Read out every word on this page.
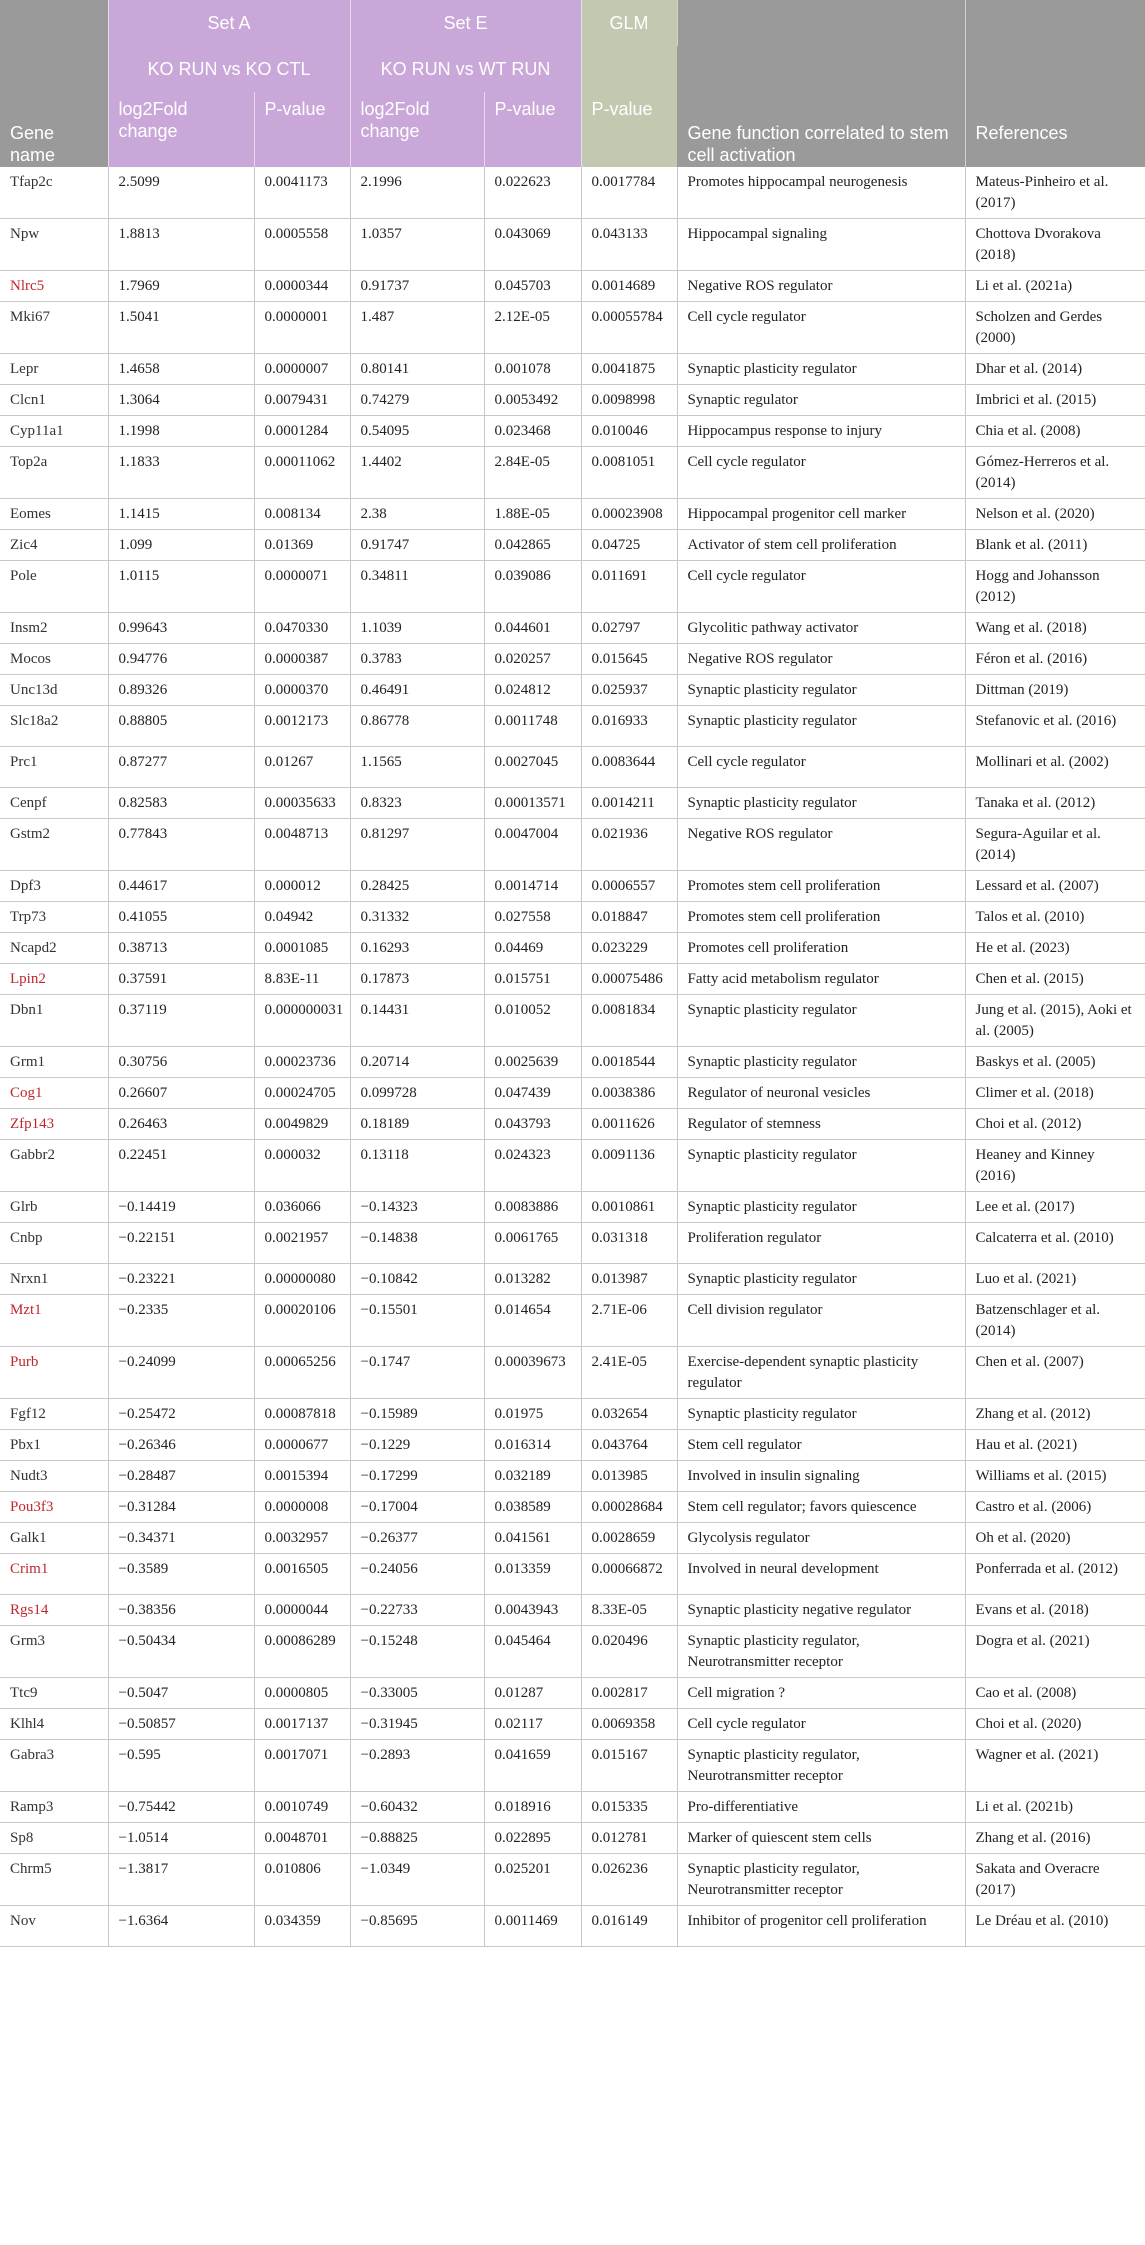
Gene name	Set A		Set E		GLM	Gene function correlated to stem cell activation	References
	KO RUN vs KO CTL		KO RUN vs WT RUN				
	log2Fold change	P-value	log2Fold change	P-value	P-value		
Tfap2c	2.5099	0.0041173	2.1996	0.022623	0.0017784	Promotes hippocampal neurogenesis	Mateus-Pinheiro et al. (2017)
Npw	1.8813	0.0005558	1.0357	0.043069	0.043133	Hippocampal signaling	Chottova Dvorakova (2018)
Nlrc5	1.7969	0.0000344	0.91737	0.045703	0.0014689	Negative ROS regulator	Li et al. (2021a)
Mki67	1.5041	0.0000001	1.487	2.12E-05	0.00055784	Cell cycle regulator	Scholzen and Gerdes (2000)
Lepr	1.4658	0.0000007	0.80141	0.001078	0.0041875	Synaptic plasticity regulator	Dhar et al. (2014)
Clcn1	1.3064	0.0079431	0.74279	0.0053492	0.0098998	Synaptic regulator	Imbrici et al. (2015)
Cyp11a1	1.1998	0.0001284	0.54095	0.023468	0.010046	Hippocampus response to injury	Chia et al. (2008)
Top2a	1.1833	0.00011062	1.4402	2.84E-05	0.0081051	Cell cycle regulator	Gómez-Herreros et al. (2014)
Eomes	1.1415	0.008134	2.38	1.88E-05	0.00023908	Hippocampal progenitor cell marker	Nelson et al. (2020)
Zic4	1.099	0.01369	0.91747	0.042865	0.04725	Activator of stem cell proliferation	Blank et al. (2011)
Pole	1.0115	0.0000071	0.34811	0.039086	0.011691	Cell cycle regulator	Hogg and Johansson (2012)
Insm2	0.99643	0.0470330	1.1039	0.044601	0.02797	Glycolitic pathway activator	Wang et al. (2018)
Mocos	0.94776	0.0000387	0.3783	0.020257	0.015645	Negative ROS regulator	Féron et al. (2016)
Unc13d	0.89326	0.0000370	0.46491	0.024812	0.025937	Synaptic plasticity regulator	Dittman (2019)
Slc18a2	0.88805	0.0012173	0.86778	0.0011748	0.016933	Synaptic plasticity regulator	Stefanovic et al. (2016)
Prc1	0.87277	0.01267	1.1565	0.0027045	0.0083644	Cell cycle regulator	Mollinari et al. (2002)
Cenpf	0.82583	0.00035633	0.8323	0.00013571	0.0014211	Synaptic plasticity regulator	Tanaka et al. (2012)
Gstm2	0.77843	0.0048713	0.81297	0.0047004	0.021936	Negative ROS regulator	Segura-Aguilar et al. (2014)
Dpf3	0.44617	0.000012	0.28425	0.0014714	0.0006557	Promotes stem cell proliferation	Lessard et al. (2007)
Trp73	0.41055	0.04942	0.31332	0.027558	0.018847	Promotes stem cell proliferation	Talos et al. (2010)
Ncapd2	0.38713	0.0001085	0.16293	0.04469	0.023229	Promotes cell proliferation	He et al. (2023)
Lpin2	0.37591	8.83E-11	0.17873	0.015751	0.00075486	Fatty acid metabolism regulator	Chen et al. (2015)
Dbn1	0.37119	0.000000031	0.14431	0.010052	0.0081834	Synaptic plasticity regulator	Jung et al. (2015), Aoki et al. (2005)
Grm1	0.30756	0.00023736	0.20714	0.0025639	0.0018544	Synaptic plasticity regulator	Baskys et al. (2005)
Cog1	0.26607	0.00024705	0.099728	0.047439	0.0038386	Regulator of neuronal vesicles	Climer et al. (2018)
Zfp143	0.26463	0.0049829	0.18189	0.043793	0.0011626	Regulator of stemness	Choi et al. (2012)
Gabbr2	0.22451	0.000032	0.13118	0.024323	0.0091136	Synaptic plasticity regulator	Heaney and Kinney (2016)
Glrb	−0.14419	0.036066	−0.14323	0.0083886	0.0010861	Synaptic plasticity regulator	Lee et al. (2017)
Cnbp	−0.22151	0.0021957	−0.14838	0.0061765	0.031318	Proliferation regulator	Calcaterra et al. (2010)
Nrxn1	−0.23221	0.00000080	−0.10842	0.013282	0.013987	Synaptic plasticity regulator	Luo et al. (2021)
Mzt1	−0.2335	0.00020106	−0.15501	0.014654	2.71E-06	Cell division regulator	Batzenschlager et al. (2014)
Purb	−0.24099	0.00065256	−0.1747	0.00039673	2.41E-05	Exercise-dependent synaptic plasticity regulator	Chen et al. (2007)
Fgf12	−0.25472	0.00087818	−0.15989	0.01975	0.032654	Synaptic plasticity regulator	Zhang et al. (2012)
Pbx1	−0.26346	0.0000677	−0.1229	0.016314	0.043764	Stem cell regulator	Hau et al. (2021)
Nudt3	−0.28487	0.0015394	−0.17299	0.032189	0.013985	Involved in insulin signaling	Williams et al. (2015)
Pou3f3	−0.31284	0.0000008	−0.17004	0.038589	0.00028684	Stem cell regulator; favors quiescence	Castro et al. (2006)
Galk1	−0.34371	0.0032957	−0.26377	0.041561	0.0028659	Glycolysis regulator	Oh et al. (2020)
Crim1	−0.3589	0.0016505	−0.24056	0.013359	0.00066872	Involved in neural development	Ponferrada et al. (2012)
Rgs14	−0.38356	0.0000044	−0.22733	0.0043943	8.33E-05	Synaptic plasticity negative regulator	Evans et al. (2018)
Grm3	−0.50434	0.00086289	−0.15248	0.045464	0.020496	Synaptic plasticity regulator, Neurotransmitter receptor	Dogra et al. (2021)
Ttc9	−0.5047	0.0000805	−0.33005	0.01287	0.002817	Cell migration ?	Cao et al. (2008)
Klhl4	−0.50857	0.0017137	−0.31945	0.02117	0.0069358	Cell cycle regulator	Choi et al. (2020)
Gabra3	−0.595	0.0017071	−0.2893	0.041659	0.015167	Synaptic plasticity regulator, Neurotransmitter receptor	Wagner et al. (2021)
Ramp3	−0.75442	0.0010749	−0.60432	0.018916	0.015335	Pro-differentiative	Li et al. (2021b)
Sp8	−1.0514	0.0048701	−0.88825	0.022895	0.012781	Marker of quiescent stem cells	Zhang et al. (2016)
Chrm5	−1.3817	0.010806	−1.0349	0.025201	0.026236	Synaptic plasticity regulator, Neurotransmitter receptor	Sakata and Overacre (2017)
Nov	−1.6364	0.034359	−0.85695	0.0011469	0.016149	Inhibitor of progenitor cell proliferation	Le Dréau et al. (2010)
